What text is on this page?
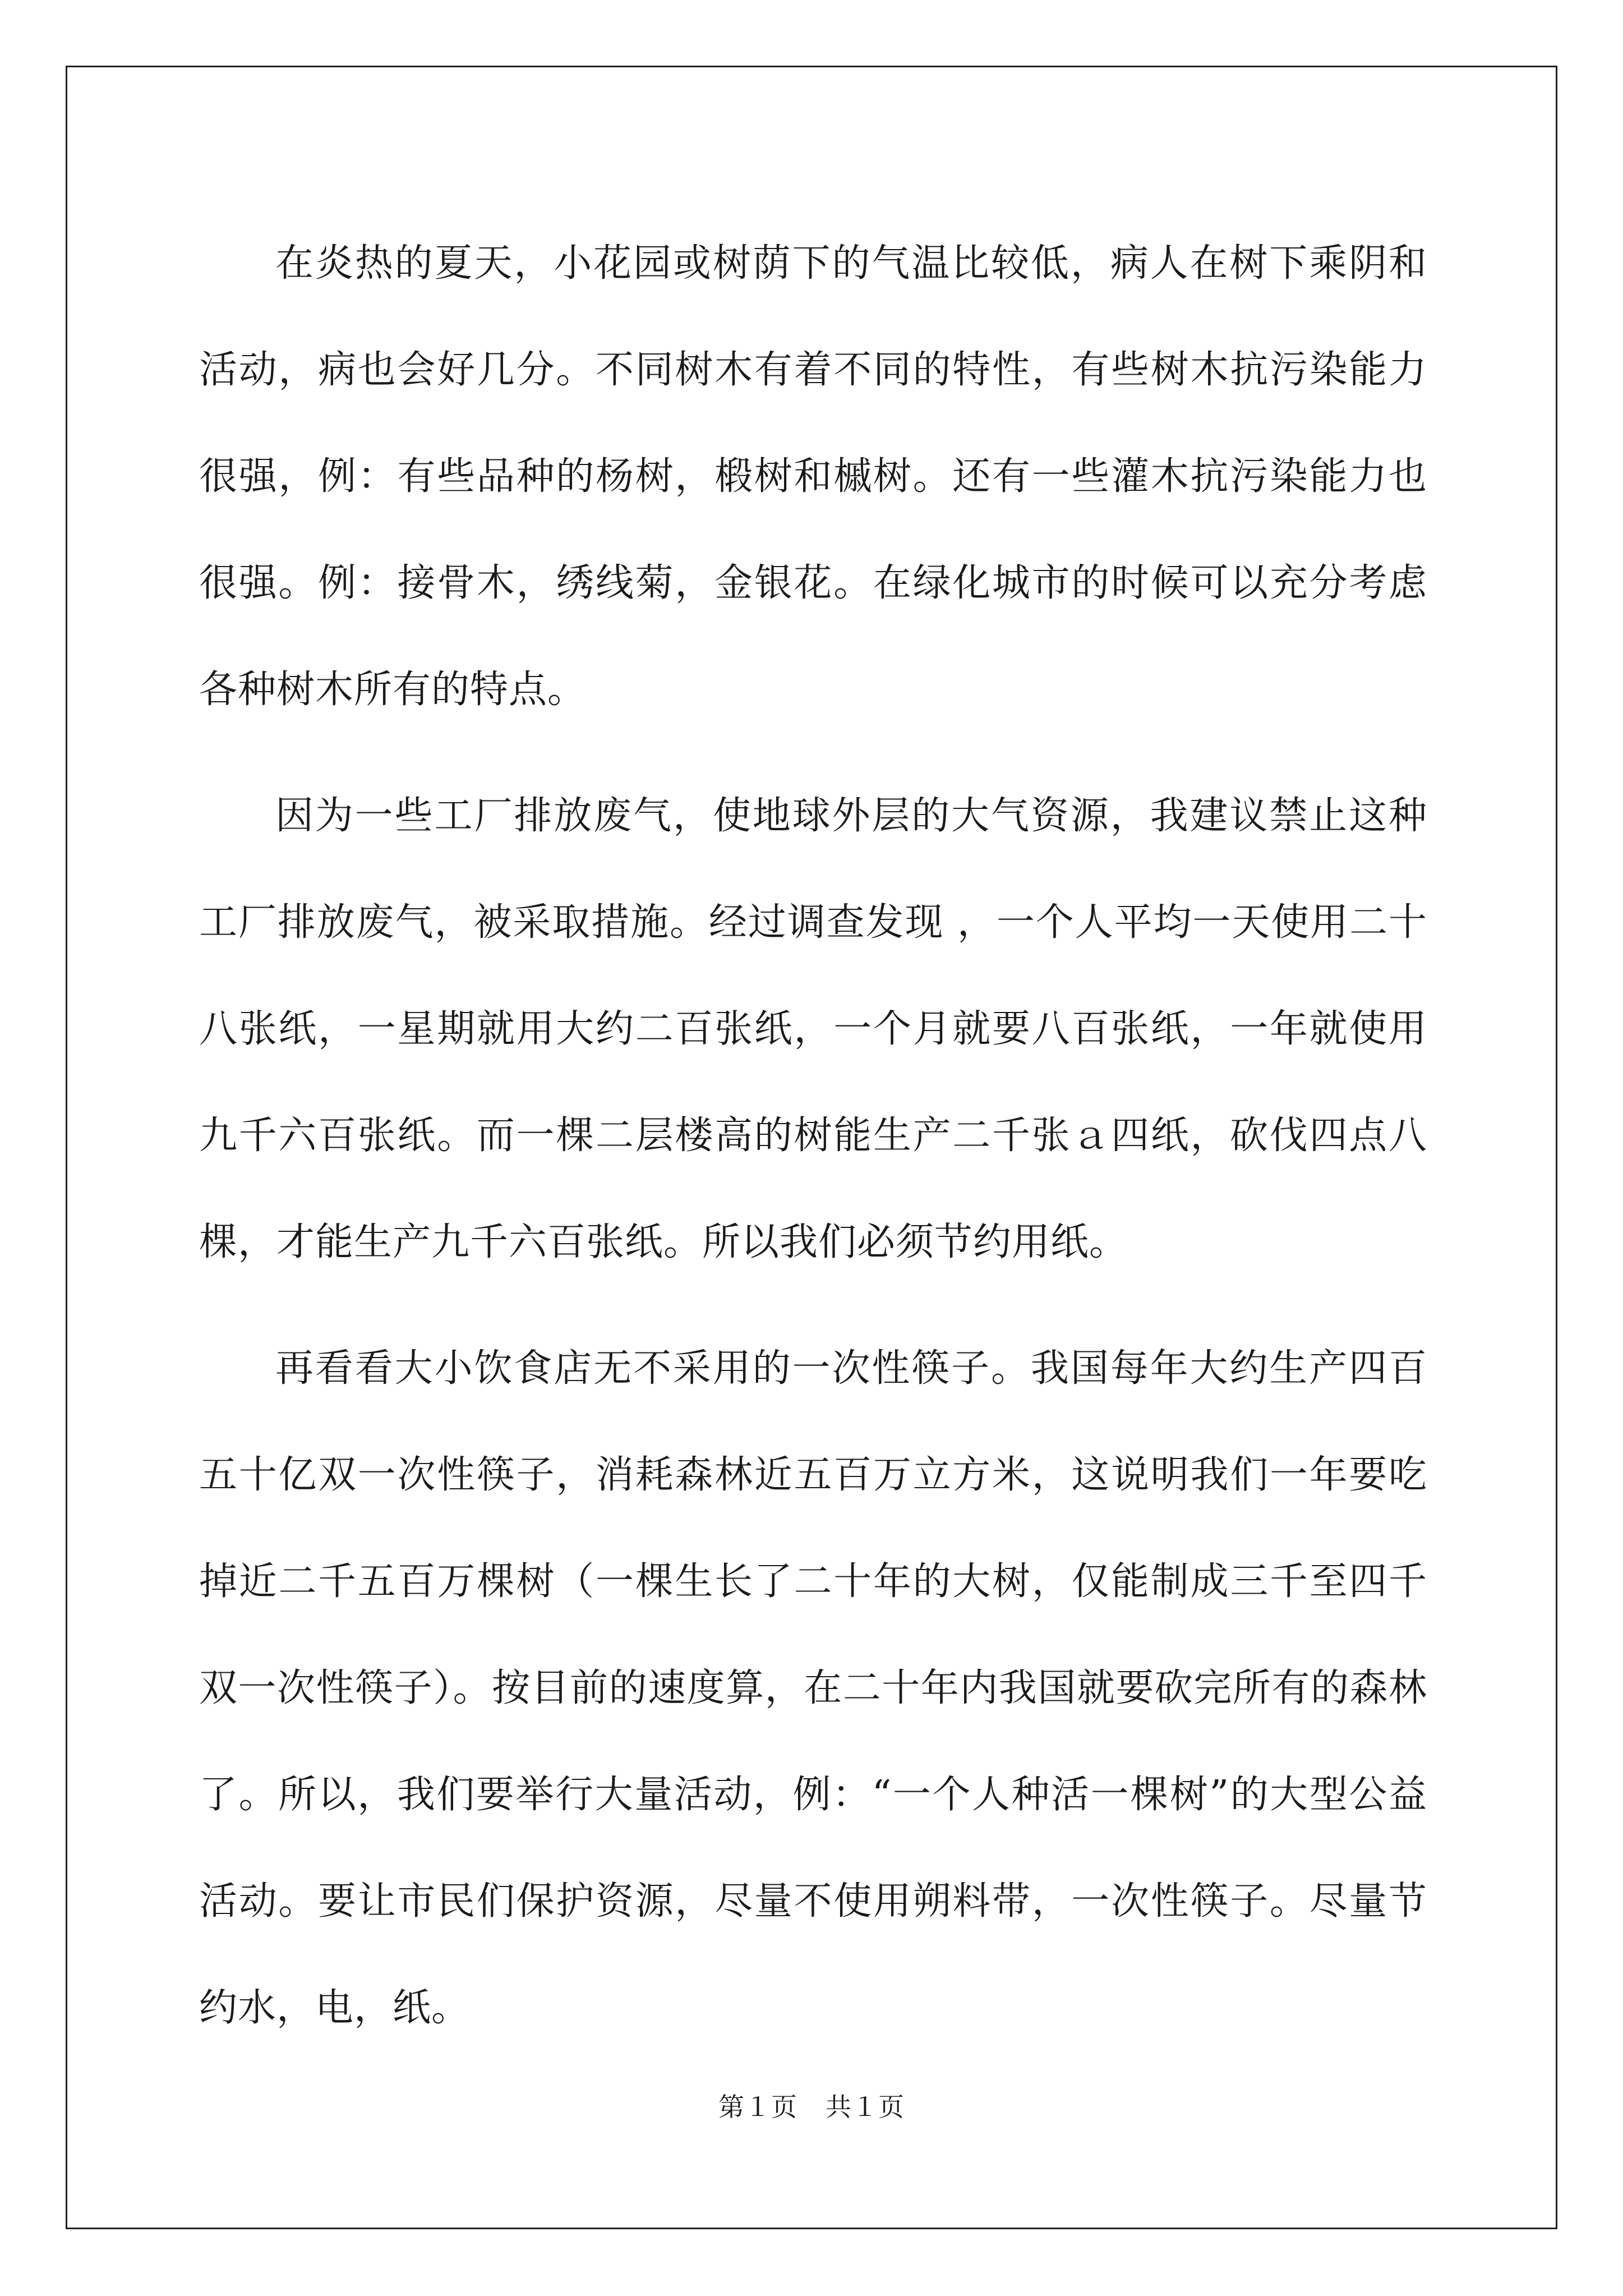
在炎热的夏天，小花园或树荫下的气温比较低，病人在树下乘阴和活动，病也会好几分。不同树木有着不同的特性，有些树木抗污染能力很强，例：有些品种的杨树，椴树和槭树。还有一些灌木抗污染能力也很强。例：接骨木，绣线菊，金银花。在绿化城市的时候可以充分考虑各种树木所有的特点。

因为一些工厂排放废气，使地球外层的大气资源，我建议禁止这种工厂排放废气，被采取措施。经过调查发现 ，一个人平均一天使用二十八张纸，一星期就用大约二百张纸，一个月就要八百张纸，一年就使用九千六百张纸。而一棵二层楼高的树能生产二千张ａ四纸，砍伐四点八棵，才能生产九千六百张纸。所以我们必须节约用纸。

再看看大小饮食店无不采用的一次性筷子。我国每年大约生产四百五十亿双一次性筷子，消耗森林近五百万立方米，这说明我们一年要吃掉近二千五百万棵树（一棵生长了二十年的大树，仅能制成三千至四千双一次性筷子）。按目前的速度算，在二十年内我国就要砍完所有的森林了。所以，我们要举行大量活动，例：“一个人种活一棵树”的大型公益活动。要让市民们保护资源，尽量不使用朔料带，一次性筷子。尽量节约水，电，纸。

第１页 共１页
